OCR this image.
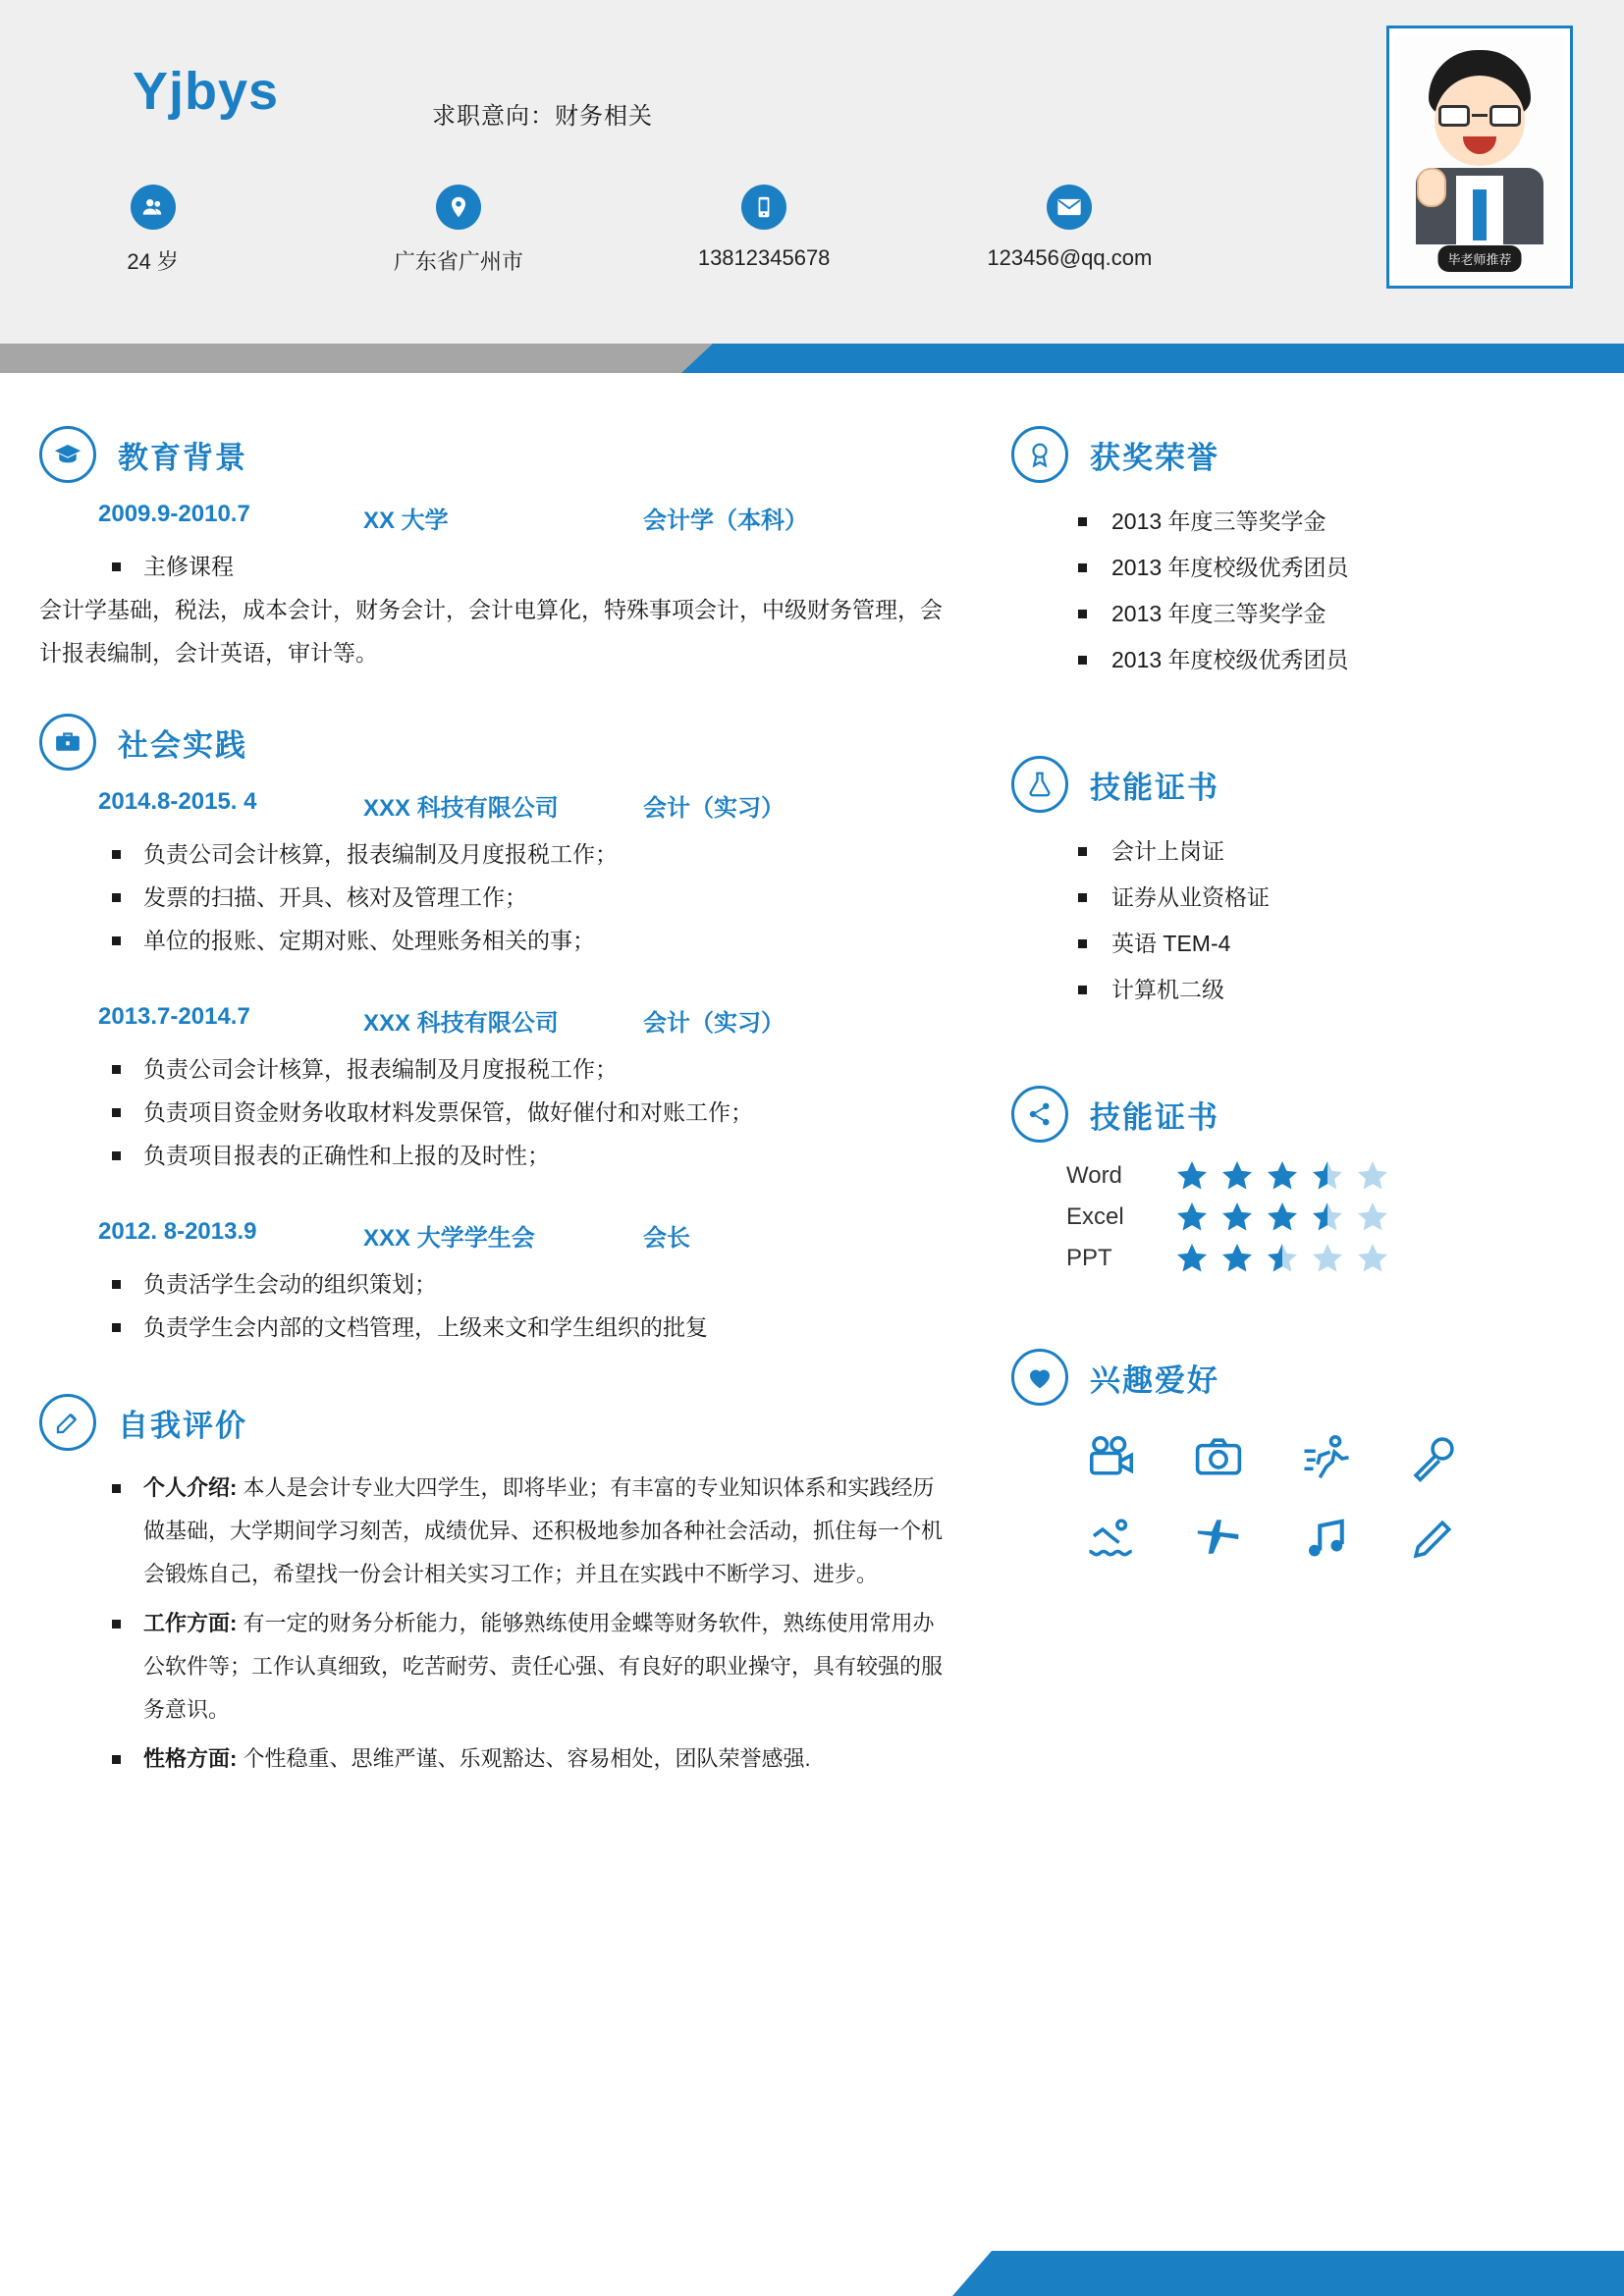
Yjbys	求职意向：财务相关
毕老师推荐
24 岁	广东省广州市	13812345678	123456@qq.com
教育背景
2009.9-2010.7	XX 大学	会计学（本科）
主修课程
会计学基础，税法，成本会计，财务会计，会计电算化，特殊事项会计，中级财务管理，会计报表编制，会计英语，审计等。
社会实践
2014.8-2015. 4	XXX 科技有限公司	会计（实习）
负责公司会计核算，报表编制及月度报税工作；
发票的扫描、开具、核对及管理工作；
单位的报账、定期对账、处理账务相关的事；
2013.7-2014.7	XXX 科技有限公司	会计（实习）
负责公司会计核算，报表编制及月度报税工作；
负责项目资金财务收取材料发票保管，做好催付和对账工作；
负责项目报表的正确性和上报的及时性；
2012. 8-2013.9	XXX 大学学生会	会长
负责活学生会动的组织策划；
负责学生会内部的文档管理，上级来文和学生组织的批复
自我评价
个人介绍: 本人是会计专业大四学生，即将毕业；有丰富的专业知识体系和实践经历做基础，大学期间学习刻苦，成绩优异、还积极地参加各种社会活动，抓住每一个机会锻炼自己，希望找一份会计相关实习工作；并且在实践中不断学习、进步。
工作方面: 有一定的财务分析能力，能够熟练使用金蝶等财务软件，熟练使用常用办公软件等；工作认真细致，吃苦耐劳、责任心强、有良好的职业操守，具有较强的服务意识。
性格方面: 个性稳重、思维严谨、乐观豁达、容易相处，团队荣誉感强.
获奖荣誉
2013 年度三等奖学金
2013 年度校级优秀团员
2013 年度三等奖学金
2013 年度校级优秀团员
技能证书
会计上岗证
证券从业资格证
英语 TEM-4
计算机二级
技能证书
Word
Excel
PPT
兴趣爱好
